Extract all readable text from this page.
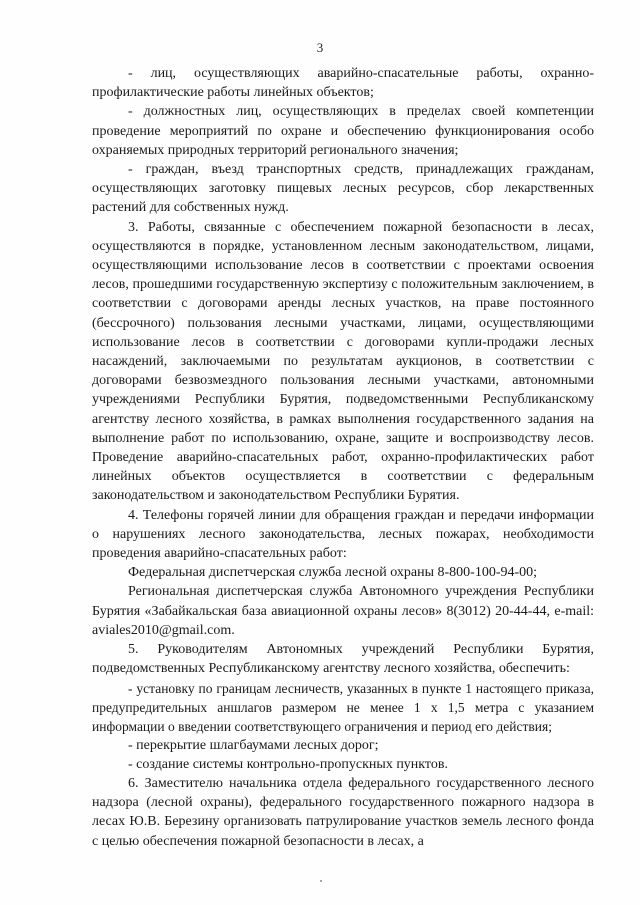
3

- лиц, осуществляющих аварийно-спасательные работы, охранно-профилактические работы линейных объектов;

- должностных лиц, осуществляющих в пределах своей компетенции проведение мероприятий по охране и обеспечению функционирования особо охраняемых природных территорий регионального значения;

- граждан, въезд транспортных средств, принадлежащих гражданам, осуществляющих заготовку пищевых лесных ресурсов, сбор лекарственных растений для собственных нужд.

3. Работы, связанные с обеспечением пожарной безопасности в лесах, осуществляются в порядке, установленном лесным законодательством, лицами, осуществляющими использование лесов в соответствии с проектами освоения лесов, прошедшими государственную экспертизу с положительным заключением, в соответствии с договорами аренды лесных участков, на праве постоянного (бессрочного) пользования лесными участками, лицами, осуществляющими использование лесов в соответствии с договорами купли-продажи лесных насаждений, заключаемыми по результатам аукционов, в соответствии с договорами безвозмездного пользования лесными участками, автономными учреждениями Республики Бурятия, подведомственными Республиканскому агентству лесного хозяйства, в рамках выполнения государственного задания на выполнение работ по использованию, охране, защите и воспроизводству лесов. Проведение аварийно-спасательных работ, охранно-профилактических работ линейных объектов осуществляется в соответствии с федеральным законодательством и законодательством Республики Бурятия.

4. Телефоны горячей линии для обращения граждан и передачи информации о нарушениях лесного законодательства, лесных пожарах, необходимости проведения аварийно-спасательных работ:

Федеральная диспетчерская служба лесной охраны 8-800-100-94-00;

Региональная диспетчерская служба Автономного учреждения Республики Бурятия «Забайкальская база авиационной охраны лесов» 8(3012) 20-44-44, e-mail: aviales2010@gmail.com.

5. Руководителям Автономных учреждений Республики Бурятия, подведомственных Республиканскому агентству лесного хозяйства, обеспечить:

- установку по границам лесничеств, указанных в пункте 1 настоящего приказа, предупредительных аншлагов размером не менее 1 х 1,5 метра с указанием информации о введении соответствующего ограничения и период его действия;

- перекрытие шлагбаумами лесных дорог;

- создание системы контрольно-пропускных пунктов.

6. Заместителю начальника отдела федерального государственного лесного надзора (лесной охраны), федерального государственного пожарного надзора в лесах Ю.В. Березину организовать патрулирование участков земель лесного фонда с целью обеспечения пожарной безопасности в лесах, а
